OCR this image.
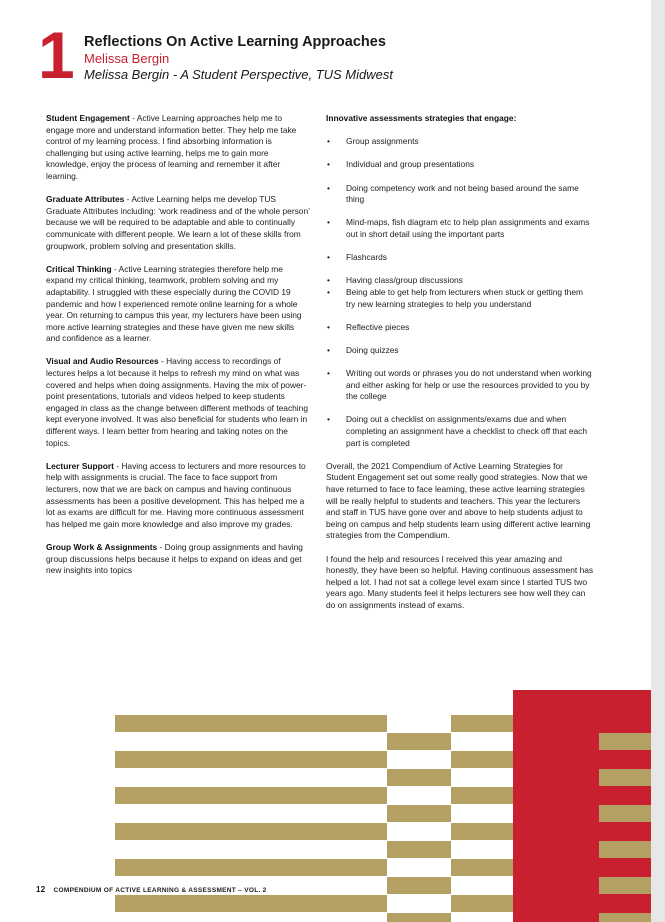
1 Reflections On Active Learning Approaches
Melissa Bergin
Melissa Bergin - A Student Perspective, TUS Midwest

Student Engagement - Active Learning approaches help me to engage more and understand information better. They help me take control of my learning process. I find absorbing information is challenging but using active learning, helps me to gain more knowledge, enjoy the process of learning and remember it after learning.

Graduate Attributes - Active Learning helps me develop TUS Graduate Attributes including: ‘work readiness and of the whole person’ because we will be required to be adaptable and able to continually communicate with different people. We learn a lot of these skills from groupwork, problem solving and presentation skills.

Critical Thinking - Active Learning strategies therefore help me expand my critical thinking, teamwork, problem solving and my adaptability. I struggled with these especially during the COVID 19 pandemic and how I experienced remote online learning for a whole year. On returning to campus this year, my lecturers have been using more active learning strategies and these have given me new skills and confidence as a learner.

Visual and Audio Resources - Having access to recordings of lectures helps a lot because it helps to refresh my mind on what was covered and helps when doing assignments. Having the mix of power-point presentations, tutorials and videos helped to keep students engaged in class as the change between different methods of teaching kept everyone involved. It was also beneficial for students who learn in different ways. I learn better from hearing and taking notes on the topics.

Lecturer Support - Having access to lecturers and more resources to help with assignments is crucial. The face to face support from lecturers, now that we are back on campus and having continuous assessments has been a positive development. This has helped me a lot as exams are difficult for me. Having more continuous assessment has helped me gain more knowledge and also improve my grades.

Group Work & Assignments - Doing group assignments and having group discussions helps because it helps to expand on ideas and get new insights into topics

Innovative assessments strategies that engage:

• Group assignments
• Individual and group presentations
• Doing competency work and not being based around the same thing
• Mind-maps, fish diagram etc to help plan assignments and exams out in short detail using the important parts
• Flashcards
• Having class/group discussions
• Being able to get help from lecturers when stuck or getting them try new learning strategies to help you understand
• Reflective pieces
• Doing quizzes
• Writing out words or phrases you do not understand when working and either asking for help or use the resources provided to you by the college
• Doing out a checklist on assignments/exams due and when completing an assignment have a checklist to check off that each part is completed

Overall, the 2021 Compendium of Active Learning Strategies for Student Engagement set out some really good strategies. Now that we have returned to face to face learning, these active learning strategies will be really helpful to students and teachers. This year the lecturers and staff in TUS have gone over and above to help students adjust to being on campus and help students learn using different active learning strategies from the Compendium.

I found the help and resources I received this year amazing and honestly, they have been so helpful. Having continuous assessment has helped a lot. I had not sat a college level exam since I started TUS two years ago. Many students feel it helps lecturers see how well they can do on assignments instead of exams.

12 COMPENDIUM OF ACTIVE LEARNING & ASSESSMENT – VOL. 2
